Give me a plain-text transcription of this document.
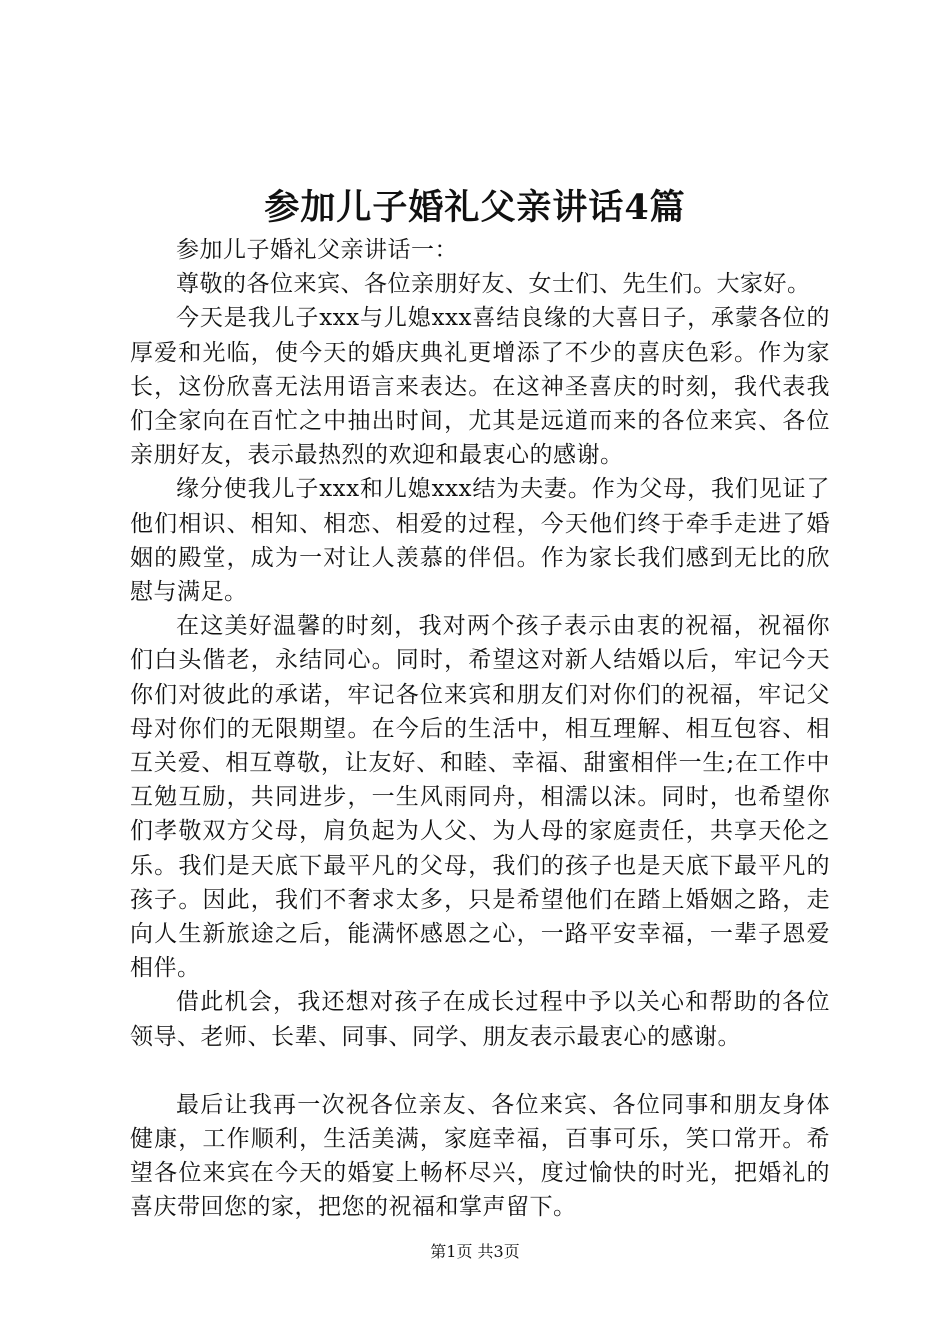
参加儿子婚礼父亲讲话4篇

参加儿子婚礼父亲讲话一：

尊敬的各位来宾、各位亲朋好友、女士们、先生们。大家好。

今天是我儿子xxx与儿媳xxx喜结良缘的大喜日子，承蒙各位的厚爱和光临，使今天的婚庆典礼更增添了不少的喜庆色彩。作为家长，这份欣喜无法用语言来表达。在这神圣喜庆的时刻，我代表我们全家向在百忙之中抽出时间，尤其是远道而来的各位来宾、各位亲朋好友，表示最热烈的欢迎和最衷心的感谢。

缘分使我儿子xxx和儿媳xxx结为夫妻。作为父母，我们见证了他们相识、相知、相恋、相爱的过程，今天他们终于牵手走进了婚姻的殿堂，成为一对让人羡慕的伴侣。作为家长我们感到无比的欣慰与满足。

在这美好温馨的时刻，我对两个孩子表示由衷的祝福，祝福你们白头偕老，永结同心。同时，希望这对新人结婚以后，牢记今天你们对彼此的承诺，牢记各位来宾和朋友们对你们的祝福，牢记父母对你们的无限期望。在今后的生活中，相互理解、相互包容、相互关爱、相互尊敬，让友好、和睦、幸福、甜蜜相伴一生;在工作中互勉互励，共同进步，一生风雨同舟，相濡以沫。同时，也希望你们孝敬双方父母，肩负起为人父、为人母的家庭责任，共享天伦之乐。我们是天底下最平凡的父母，我们的孩子也是天底下最平凡的孩子。因此，我们不奢求太多，只是希望他们在踏上婚姻之路，走向人生新旅途之后，能满怀感恩之心，一路平安幸福，一辈子恩爱相伴。

借此机会，我还想对孩子在成长过程中予以关心和帮助的各位领导、老师、长辈、同事、同学、朋友表示最衷心的感谢。

最后让我再一次祝各位亲友、各位来宾、各位同事和朋友身体健康，工作顺利，生活美满，家庭幸福，百事可乐，笑口常开。希望各位来宾在今天的婚宴上畅杯尽兴，度过愉快的时光，把婚礼的喜庆带回您的家，把您的祝福和掌声留下。

第1页 共3页
